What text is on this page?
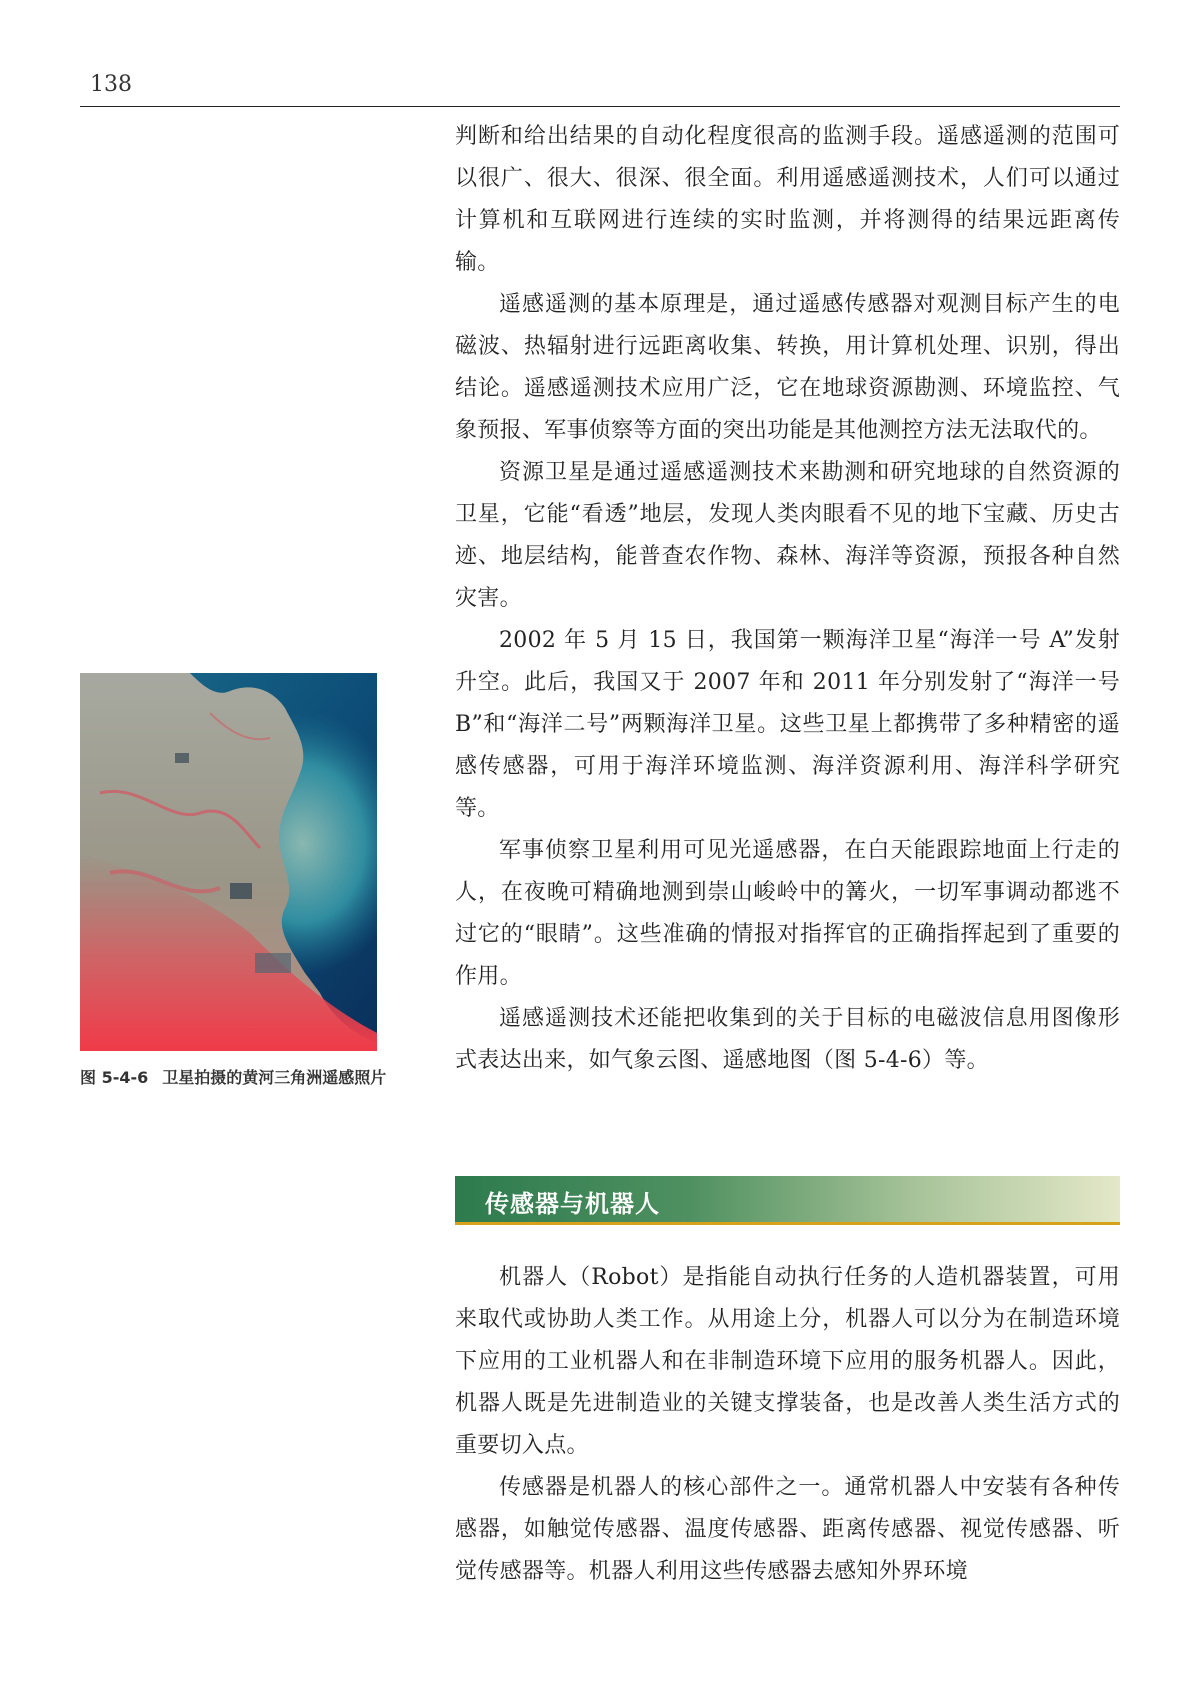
138

判断和给出结果的自动化程度很高的监测手段。遥感遥测的范围可以很广、很大、很深、很全面。利用遥感遥测技术，人们可以通过计算机和互联网进行连续的实时监测，并将测得的结果远距离传输。

遥感遥测的基本原理是，通过遥感传感器对观测目标产生的电磁波、热辐射进行远距离收集、转换，用计算机处理、识别，得出结论。遥感遥测技术应用广泛，它在地球资源勘测、环境监控、气象预报、军事侦察等方面的突出功能是其他测控方法无法取代的。

资源卫星是通过遥感遥测技术来勘测和研究地球的自然资源的卫星，它能“看透”地层，发现人类肉眼看不见的地下宝藏、历史古迹、地层结构，能普查农作物、森林、海洋等资源，预报各种自然灾害。

2002 年 5 月 15 日，我国第一颗海洋卫星“海洋一号 A”发射升空。此后，我国又于 2007 年和 2011 年分别发射了“海洋一号 B”和“海洋二号”两颗海洋卫星。这些卫星上都携带了多种精密的遥感传感器，可用于海洋环境监测、海洋资源利用、海洋科学研究等。

军事侦察卫星利用可见光遥感器，在白天能跟踪地面上行走的人，在夜晚可精确地测到崇山峻岭中的篝火，一切军事调动都逃不过它的“眼睛”。这些准确的情报对指挥官的正确指挥起到了重要的作用。

遥感遥测技术还能把收集到的关于目标的电磁波信息用图像形式表达出来，如气象云图、遥感地图（图 5-4-6）等。

图 5-4-6 卫星拍摄的黄河三角洲遥感照片
传感器与机器人

机器人（Robot）是指能自动执行任务的人造机器装置，可用来取代或协助人类工作。从用途上分，机器人可以分为在制造环境下应用的工业机器人和在非制造环境下应用的服务机器人。因此，机器人既是先进制造业的关键支撑装备，也是改善人类生活方式的重要切入点。

传感器是机器人的核心部件之一。通常机器人中安装有各种传感器，如触觉传感器、温度传感器、距离传感器、视觉传感器、听觉传感器等。机器人利用这些传感器去感知外界环境
